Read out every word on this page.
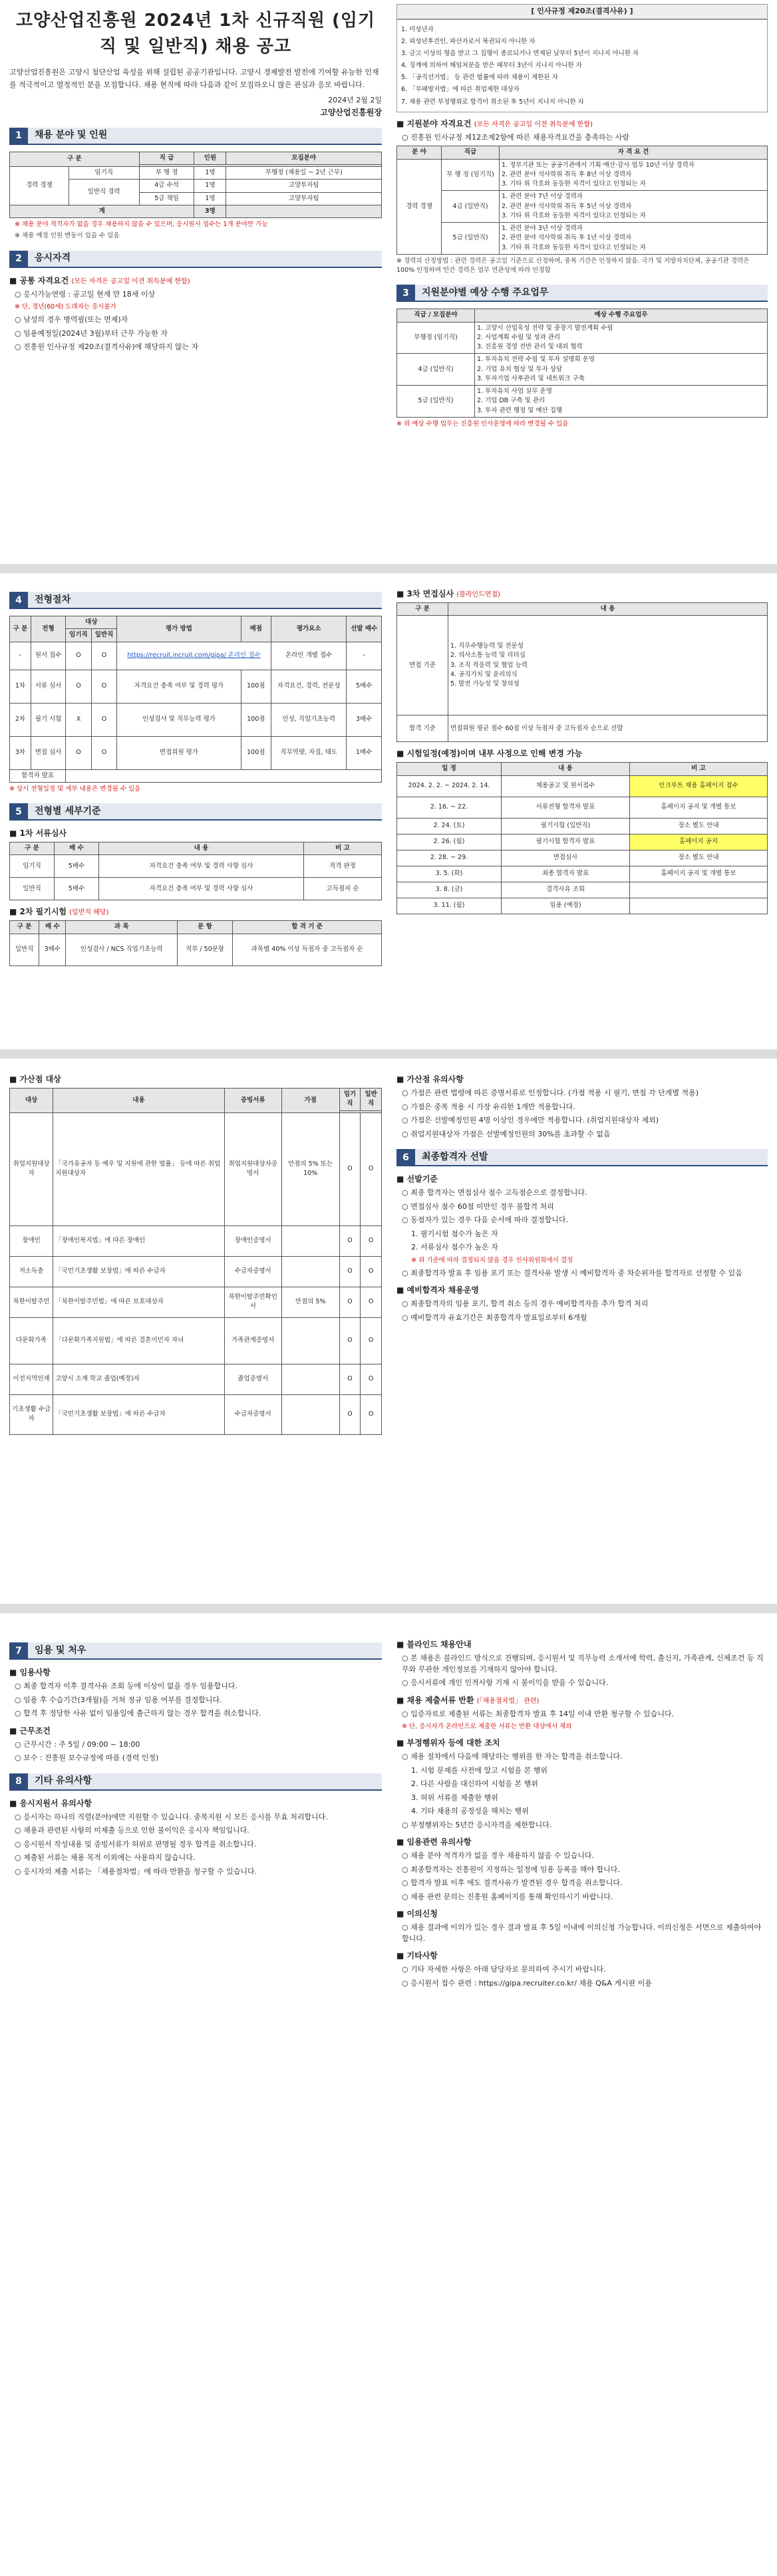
고양산업진흥원 2024년 1차 신규직원 (임기직 및 일반직) 채용 공고
고양산업진흥원은 고양시 첨단산업 육성을 위해 설립된 공공기관입니다. 고양시 경제발전 발전에 기여할 유능한 인재를 적극적이고 열정적인 분을 모집합니다. 채용 현직에 따라 다음과 같이 모집하오니 많은 관심과 응모 바랍니다.
2024년 2월 2일
고양산업진흥원장
1	채용 분야 및 인원
구 분		직 급	인원	모집분야

경력 경쟁	임기직	부 행 정	1명	부행정 (채용일 ~ 2년 근무)
	일반직 경력	4급 수석	1명	고양투자팀
		5급 책임	1명	고양투자팀
계			3명	
※ 채용 분야 적격자가 없을 경우 채용하지 않을 수 있으며, 응시원서 접수는 1개 분야만 가능
※ 채용 예정 인원 변동이 있을 수 있음
2	응시자격
■ 공통 자격요건 (모든 자격은 공고일 이전 취득분에 한함)
○ 응시가능연령 : 공고일 현재 만 18세 이상
※ 단, 정년(60세) 도래자는 응시불가
○ 남성의 경우 병역필(또는 면제)자
○ 임용예정일(2024년 3월)부터 근무 가능한 자
○ 진흥원 인사규정 제20조(결격사유)에 해당하지 않는 자
[ 인사규정 제20조(결격사유) ]
1. 미성년자
2. 피성년후견인, 파산자로서 복권되지 아니한 자
3. 금고 이상의 형을 받고 그 집행이 종료되거나 면제된 날부터 5년이 지나지 아니한 자
4. 징계에 의하여 해임처분을 받은 때부터 3년이 지나지 아니한 자
5. 「공직선거법」 등 관련 법률에 따라 채용이 제한된 자
6. 「부패방지법」에 따른 취업제한 대상자
7. 채용 관련 부정행위로 합격이 취소된 후 5년이 지나지 아니한 자
■ 지원분야 자격요건 (모든 자격은 공고일 이전 취득분에 한함)
○ 진흥원 인사규정 제12조제2항에 따른 채용자격요건을 충족하는 사람
분 야	직급	자 격 요 건
경력 경쟁	부 행 정 (임기직)	1. 정부기관 또는 공공기관에서 기획·예산·감사 업무 10년 이상 경력자
2. 관련 분야 석사학위 취득 후 8년 이상 경력자
3. 기타 위 각호와 동등한 자격이 있다고 인정되는 자
	4급 (일반직)	1. 관련 분야 7년 이상 경력자
2. 관련 분야 석사학위 취득 후 5년 이상 경력자
3. 기타 위 각호와 동등한 자격이 있다고 인정되는 자
	5급 (일반직)	1. 관련 분야 3년 이상 경력자
2. 관련 분야 석사학위 취득 후 1년 이상 경력자
3. 기타 위 각호와 동등한 자격이 있다고 인정되는 자
※ 경력의 산정방법 : 관련 경력은 공고일 기준으로 산정하며, 중복 기간은 인정하지 않음. 국가 및 지방자치단체, 공공기관 경력은 100% 인정하며 민간 경력은 업무 연관성에 따라 인정함
3	지원분야별 예상 수행 주요업무
직급 / 모집분야	예상 수행 주요업무
부행정 (임기직)	1. 고양시 산업육성 전략 및 중장기 발전계획 수립
2. 사업계획 수립 및 성과 관리
3. 진흥원 경영 전반 관리 및 대외 협력
4급 (일반직)	1. 투자유치 전략 수립 및 투자 설명회 운영
2. 기업 유치 협상 및 투자 상담
3. 투자기업 사후관리 및 네트워크 구축
5급 (일반직)	1. 투자유치 사업 실무 운영
2. 기업 DB 구축 및 관리
3. 투자 관련 행정 및 예산 집행
※ 위 예상 수행 업무는 진흥원 인사운영에 따라 변경될 수 있음
4	전형절차
구 분	전형	대상		평가 방법	배점	평가요소	선발 배수
		임기직	일반직				
-	원서 접수	O	O	https://recruit.incruit.com/gipa/ 온라인 접수		온라인 개별 접수	-
1차	서류 심사	O	O	자격요건 충족 여부 및 경력 평가	100점	자격요건, 경력, 전문성	5배수
2차	필기 시험	X	O	인성검사 및 직무능력 평가	100점	인성, 직업기초능력	3배수
3차	면접 심사	O	O	면접위원 평가	100점	직무역량, 자질, 태도	1배수
합격자 발표							
※ 상시 전형일정 및 세부 내용은 변경될 수 있음
5	전형별 세부기준
■ 1차 서류심사
구 분	배 수	내 용	비 고
임기직	5배수	자격요건 충족 여부 및 경력 사항 심사	적격 판정
일반직	5배수	자격요건 충족 여부 및 경력 사항 심사	고득점자 순
■ 2차 필기시험 (일반직 해당)
구 분	배 수	과 목	문 항	합 격 기 준
일반직	3배수	인성검사 / NCS 직업기초능력	적부 / 50문항	과목별 40% 이상 득점자 중 고득점자 순
■ 3차 면접심사 (블라인드면접)
구 분	내 용
면접 기준	1. 직무수행능력 및 전문성
2. 의사소통 능력 및 리더십
3. 조직 적응력 및 협업 능력
4. 공직가치 및 윤리의식
5. 발전 가능성 및 창의성
합격 기준	면접위원 평균 점수 60점 이상 득점자 중 고득점자 순으로 선발
■ 시험일정(예정)이며 내부 사정으로 인해 변경 가능
일 정	내 용	비 고
2024. 2. 2. ~ 2024. 2. 14.	채용공고 및 원서접수	인크루트 채용 홈페이지 접수
2. 16. ~ 22.	서류전형 합격자 발표	홈페이지 공지 및 개별 통보
2. 24. (토)	필기시험 (일반직)	장소 별도 안내
2. 26. (월)	필기시험 합격자 발표	홈페이지 공지
2. 28. ~ 29.	면접심사	장소 별도 안내
3. 5. (화)	최종 합격자 발표	홈페이지 공지 및 개별 통보
3. 8. (금)	결격사유 조회	
3. 11. (월)	임용 (예정)	
■ 가산점 대상
대상	내용	증빙서류	가점	임기직	일반직

취업지원대상자	「국가유공자 등 예우 및 지원에 관한 법률」 등에 따른 취업지원대상자	취업지원대상자증명서	만점의 5% 또는 10%	O	O
장애인	「장애인복지법」에 따른 장애인	장애인증명서		O	O
저소득층	「국민기초생활 보장법」에 따른 수급자	수급자증명서		O	O
북한이탈주민	「북한이탈주민법」에 따른 보호대상자	북한이탈주민확인서	만점의 5%	O	O
다문화가족	「다문화가족지원법」에 따른 결혼이민자 자녀	가족관계증명서		O	O
이전지역인재	고양시 소재 학교 졸업(예정)자	졸업증명서		O	O
기초생활 수급자	「국민기초생활 보장법」에 따른 수급자	수급자증명서		O	O
■ 가산점 유의사항
○ 가점은 관련 법령에 따른 증명서류로 인정합니다. (가점 적용 시 필기, 면접 각 단계별 적용)
○ 가점은 중복 적용 시 가장 유리한 1개만 적용합니다.
○ 가점은 선발예정인원 4명 이상인 경우에만 적용합니다. (취업지원대상자 제외)
○ 취업지원대상자 가점은 선발예정인원의 30%를 초과할 수 없음
6	최종합격자 선발
■ 선발기준
○ 최종 합격자는 면접심사 점수 고득점순으로 결정합니다.
○ 면접심사 점수 60점 미만인 경우 불합격 처리
○ 동점자가 있는 경우 다음 순서에 따라 결정합니다.
1. 필기시험 점수가 높은 자
2. 서류심사 점수가 높은 자
※ 위 기준에 따라 결정되지 않을 경우 인사위원회에서 결정
○ 최종합격자 발표 후 임용 포기 또는 결격사유 발생 시 예비합격자 중 차순위자를 합격자로 선정할 수 있음
■ 예비합격자 채용운영
○ 최종합격자의 임용 포기, 합격 취소 등의 경우 예비합격자를 추가 합격 처리
○ 예비합격자 유효기간은 최종합격자 발표일로부터 6개월
7	임용 및 처우
■ 임용사항
○ 최종 합격자 이후 결격사유 조회 등에 이상이 없을 경우 임용합니다.
○ 임용 후 수습기간(3개월)을 거쳐 정규 임용 여부를 결정합니다.
○ 합격 후 정당한 사유 없이 임용일에 출근하지 않는 경우 합격을 취소합니다.
■ 근무조건
○ 근무시간 : 주 5일 / 09:00 ~ 18:00
○ 보수 : 진흥원 보수규정에 따름 (경력 인정)
8	기타 유의사항
■ 응시지원서 유의사항
○ 응시자는 하나의 직렬(분야)에만 지원할 수 있습니다. 중복지원 시 모든 응시를 무효 처리합니다.
○ 채용과 관련된 사항의 미제출 등으로 인한 불이익은 응시자 책임입니다.
○ 응시원서 작성내용 및 증빙서류가 허위로 판명될 경우 합격을 취소합니다.
○ 제출된 서류는 채용 목적 이외에는 사용하지 않습니다.
○ 응시자의 제출 서류는 「채용절차법」에 따라 반환을 청구할 수 있습니다.
■ 블라인드 채용안내
○ 본 채용은 블라인드 방식으로 진행되며, 응시원서 및 직무능력 소개서에 학력, 출신지, 가족관계, 신체조건 등 직무와 무관한 개인정보를 기재하지 않아야 합니다.
○ 응시서류에 개인 인적사항 기재 시 불이익을 받을 수 있습니다.
■ 채용 제출서류 반환 (「채용절차법」 관련)
○ 입증자료로 제출된 서류는 최종합격자 발표 후 14일 이내 반환 청구할 수 있습니다.
※ 단, 응시자가 온라인으로 제출한 서류는 반환 대상에서 제외
■ 부정행위자 등에 대한 조치
○ 채용 절차에서 다음에 해당하는 행위를 한 자는 합격을 취소합니다.
1. 시험 문제를 사전에 알고 시험을 본 행위
2. 다른 사람을 대신하여 시험을 본 행위
3. 허위 서류를 제출한 행위
4. 기타 채용의 공정성을 해치는 행위
○ 부정행위자는 5년간 응시자격을 제한합니다.
■ 임용관련 유의사항
○ 채용 분야 적격자가 없을 경우 채용하지 않을 수 있습니다.
○ 최종합격자는 진흥원이 지정하는 일정에 임용 등록을 해야 합니다.
○ 합격자 발표 이후 에도 결격사유가 발견된 경우 합격을 취소합니다.
○ 채용 관련 문의는 진흥원 홈페이지를 통해 확인하시기 바랍니다.
■ 이의신청
○ 채용 결과에 이의가 있는 경우 결과 발표 후 5일 이내에 이의신청 가능합니다. 이의신청은 서면으로 제출하여야 합니다.
■ 기타사항
○ 기타 자세한 사항은 아래 담당자로 문의하여 주시기 바랍니다.
○ 응시원서 접수 관련 : https://gipa.recruiter.co.kr/ 채용 Q&A 게시판 이용
